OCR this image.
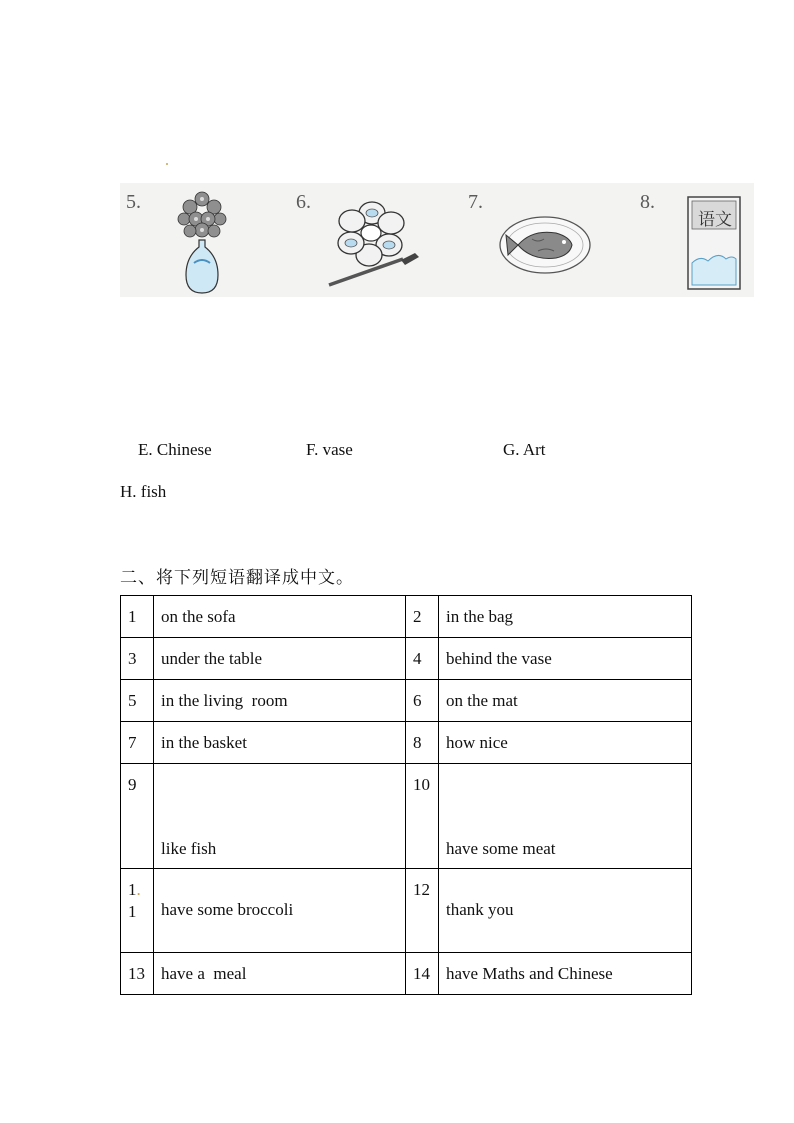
5.	6.	7.	8.
语文
E. Chinese	F. vase	G. Art
H. fish
二、将下列短语翻译成中文。
1	on the sofa	2	in the bag
3	under the table	4	behind the vase
5	in the living  room	6	on the mat
7	in the basket	8	how nice

9	like fish	10	have some meat

1.
1	have some broccoli	12	thank you

13	have a  meal	14	have Maths and Chinese
